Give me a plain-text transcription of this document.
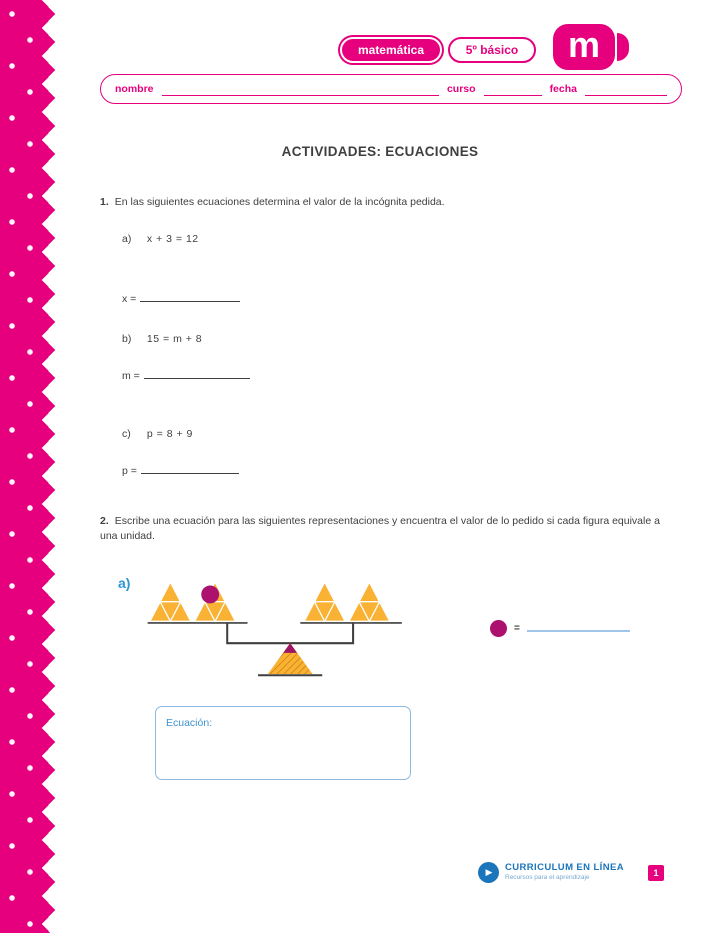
matemática	5º básico	m
nombre	curso	fecha
ACTIVIDADES: ECUACIONES
1. En las siguientes ecuaciones determina el valor de la incógnita pedida.
a) x + 3 = 12
x =
b) 15 = m + 8
m =
c) p = 8 + 9
p =
2. Escribe una ecuación para las siguientes representaciones y encuentra el valor de lo pedido si cada figura equivale a una unidad.
a)
=
Ecuación:
▶	CURRICULUM EN LÍNEA
Recursos para el aprendizaje	1
